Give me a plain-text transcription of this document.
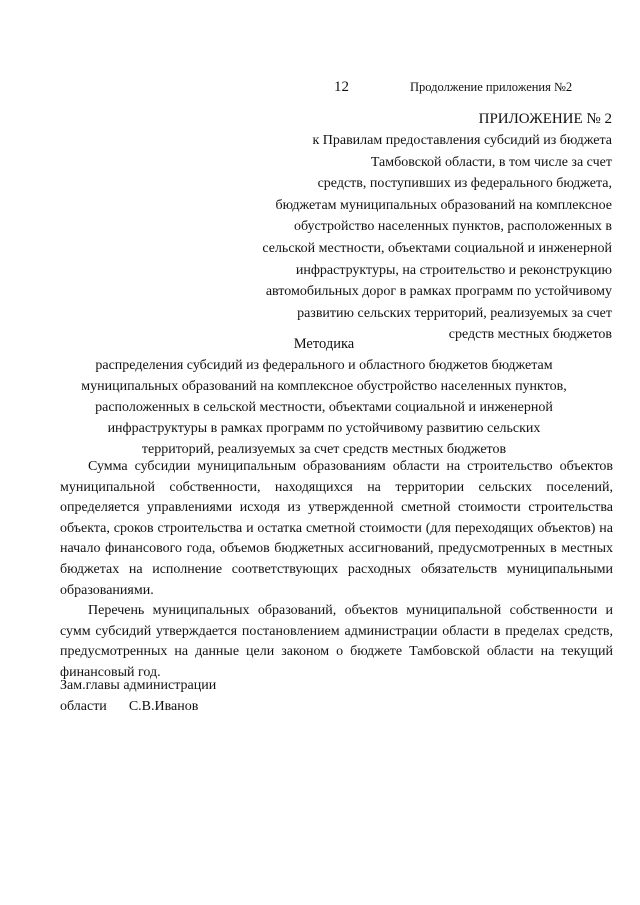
12	Продолжение приложения №2
ПРИЛОЖЕНИЕ № 2
к Правилам предоставления субсидий из бюджета
Тамбовской области, в том числе за счет
средств, поступивших из федерального бюджета,
бюджетам муниципальных образований на комплексное
обустройство населенных пунктов, расположенных в
сельской местности, объектами социальной и инженерной
инфраструктуры, на строительство и реконструкцию
автомобильных дорог в рамках программ по устойчивому
развитию сельских территорий, реализуемых за счет
средств местных бюджетов
Методика
распределения субсидий из федерального и областного бюджетов бюджетам
муниципальных образований на комплексное обустройство населенных пунктов,
расположенных в сельской местности, объектами социальной и инженерной
инфраструктуры в рамках программ по устойчивому развитию сельских
территорий, реализуемых за счет средств местных бюджетов

Сумма субсидии муниципальным образованиям области на строительство объектов муниципальной собственности, находящихся на территории сельских поселений, определяется управлениями исходя из утвержденной сметной стоимости строительства объекта, сроков строительства и остатка сметной стоимости (для переходящих объектов) на начало финансового года, объемов бюджетных ассигнований, предусмотренных в местных бюджетах на исполнение соответствующих расходных обязательств муниципальными образованиями.

Перечень муниципальных образований, объектов муниципальной собственности и сумм субсидий утверждается постановлением администрации области в пределах средств, предусмотренных на данные цели законом о бюджете Тамбовской области на текущий финансовый год.

Зам.главы администрации
области С.В.Иванов
